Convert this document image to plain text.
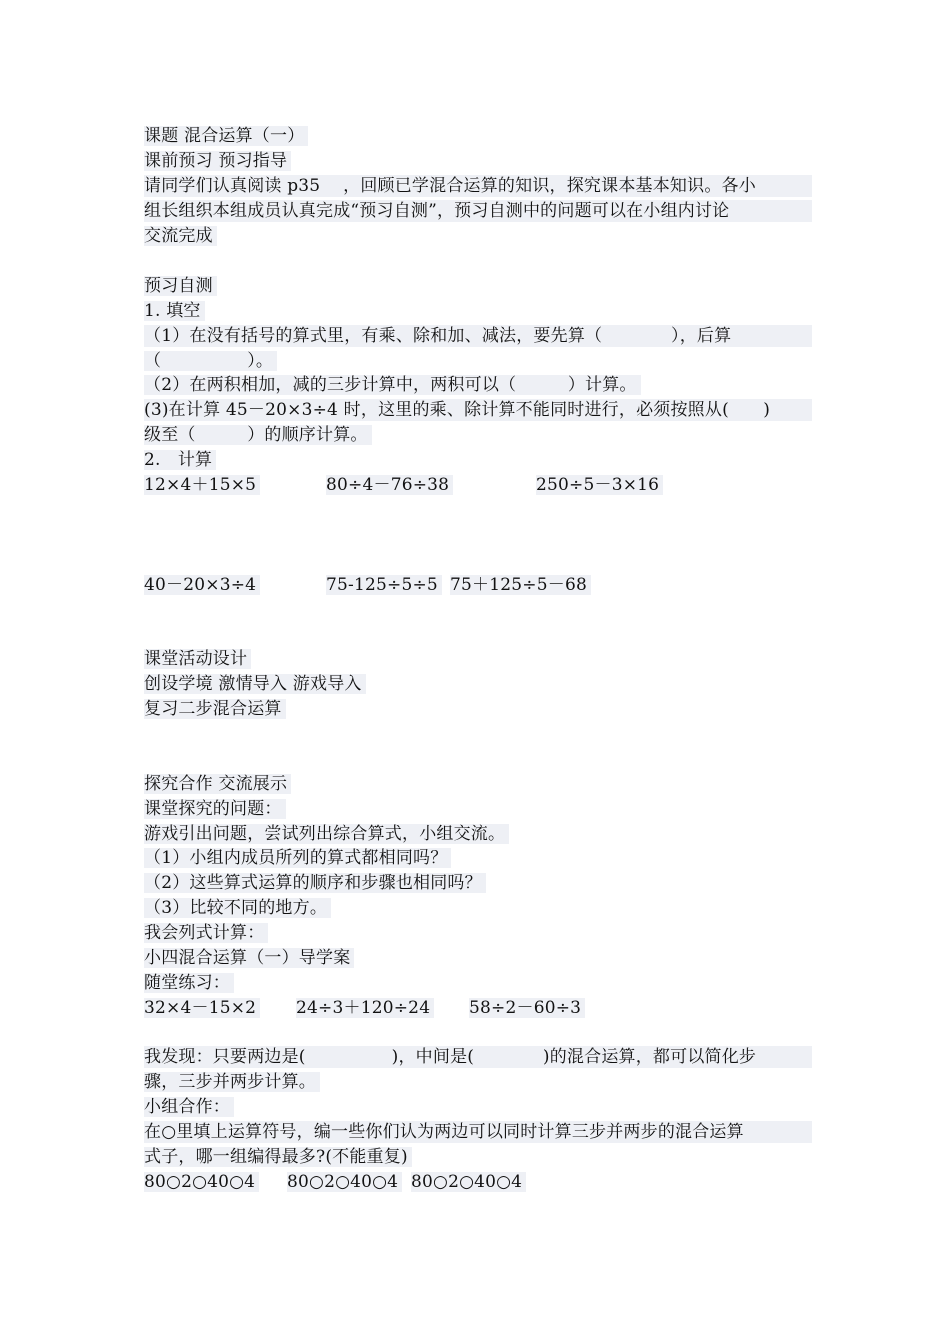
课题 混合运算（一）
课前预习 预习指导
请同学们认真阅读 p35　 ，回顾已学混合运算的知识，探究课本基本知识。各小
组长组织本组成员认真完成“预习自测”，预习自测中的问题可以在小组内讨论
交流完成
预习自测
1. 填空
（1）在没有括号的算式里，有乘、除和加、减法，要先算（　　　　），后算
（　　　　　）。
（2）在两积相加，减的三步计算中，两积可以（　　　）计算。
(3)在计算 45－20×3÷4 时，这里的乘、除计算不能同时进行，必须按照从(　　)
级至（　　　）的顺序计算。
2.　计算
12×4＋15×5	80÷4－76÷38	250÷5－3×16
40－20×3÷4	75-125÷5÷5 75＋125÷5－68
课堂活动设计
创设学境 激情导入 游戏导入
复习二步混合运算
探究合作 交流展示
课堂探究的问题：
游戏引出问题，尝试列出综合算式，小组交流。
（1）小组内成员所列的算式都相同吗？
（2）这些算式运算的顺序和步骤也相同吗？
（3）比较不同的地方。
我会列式计算：
小四混合运算（一）导学案
随堂练习：
32×4－15×2 24÷3＋120÷24 58÷2－60÷3
我发现：只要两边是(　　　　　)，中间是(　　　　)的混合运算，都可以简化步
骤，三步并两步计算。
小组合作：
在○里填上运算符号，编一些你们认为两边可以同时计算三步并两步的混合运算
式子，哪一组编得最多?(不能重复)
80○2○40○4 80○2○40○4 80○2○40○4
